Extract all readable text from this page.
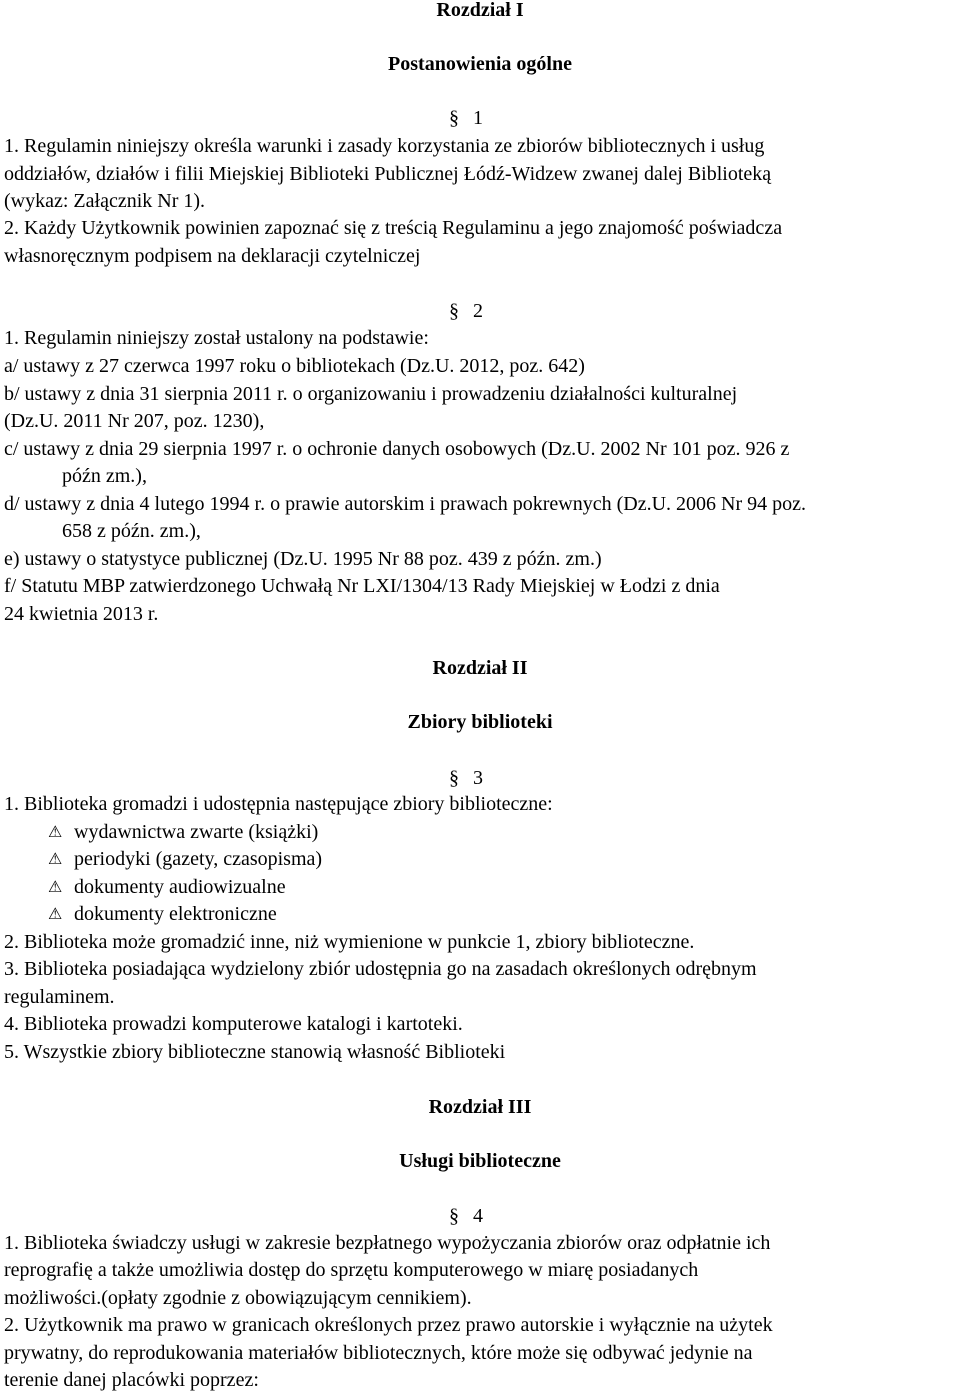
Rozdział I
Postanowienia ogólne
§ 1
1. Regulamin niniejszy określa warunki i zasady korzystania ze zbiorów bibliotecznych i usług
oddziałów, działów i filii Miejskiej Biblioteki Publicznej Łódź-Widzew zwanej dalej Biblioteką
(wykaz: Załącznik Nr 1).
2. Każdy Użytkownik powinien zapoznać się z treścią Regulaminu a jego znajomość poświadcza
własnoręcznym podpisem na deklaracji czytelniczej
§ 2
1. Regulamin niniejszy został ustalony na podstawie:
a/ ustawy z 27 czerwca 1997 roku o bibliotekach (Dz.U. 2012, poz. 642)
b/ ustawy z dnia 31 sierpnia 2011 r. o organizowaniu i prowadzeniu działalności kulturalnej
(Dz.U. 2011 Nr 207, poz. 1230),
c/ ustawy z dnia 29 sierpnia 1997 r. o ochronie danych osobowych (Dz.U. 2002 Nr 101 poz. 926 z
późn zm.),
d/ ustawy z dnia 4 lutego 1994 r. o prawie autorskim i prawach pokrewnych (Dz.U. 2006 Nr 94 poz.
658 z późn. zm.),
e) ustawy o statystyce publicznej (Dz.U. 1995 Nr 88 poz. 439 z późn. zm.)
f/ Statutu MBP zatwierdzonego Uchwałą Nr LXI/1304/13 Rady Miejskiej w Łodzi z dnia
24 kwietnia 2013 r.
Rozdział II
Zbiory biblioteki
§ 3
1. Biblioteka gromadzi i udostępnia następujące zbiory biblioteczne:
⚠ wydawnictwa zwarte (książki)
⚠ periodyki (gazety, czasopisma)
⚠ dokumenty audiowizualne
⚠ dokumenty elektroniczne
2. Biblioteka może gromadzić inne, niż wymienione w punkcie 1, zbiory biblioteczne.
3. Biblioteka posiadająca wydzielony zbiór udostępnia go na zasadach określonych odrębnym
regulaminem.
4. Biblioteka prowadzi komputerowe katalogi i kartoteki.
5. Wszystkie zbiory biblioteczne stanowią własność Biblioteki
Rozdział III
Usługi biblioteczne
§ 4
1. Biblioteka świadczy usługi w zakresie bezpłatnego wypożyczania zbiorów oraz odpłatnie ich
reprografię a także umożliwia dostęp do sprzętu komputerowego w miarę posiadanych
możliwości.(opłaty zgodnie z obowiązującym cennikiem).
2. Użytkownik ma prawo w granicach określonych przez prawo autorskie i wyłącznie na użytek
prywatny, do reprodukowania materiałów bibliotecznych, które może się odbywać jedynie na
terenie danej placówki poprzez:
